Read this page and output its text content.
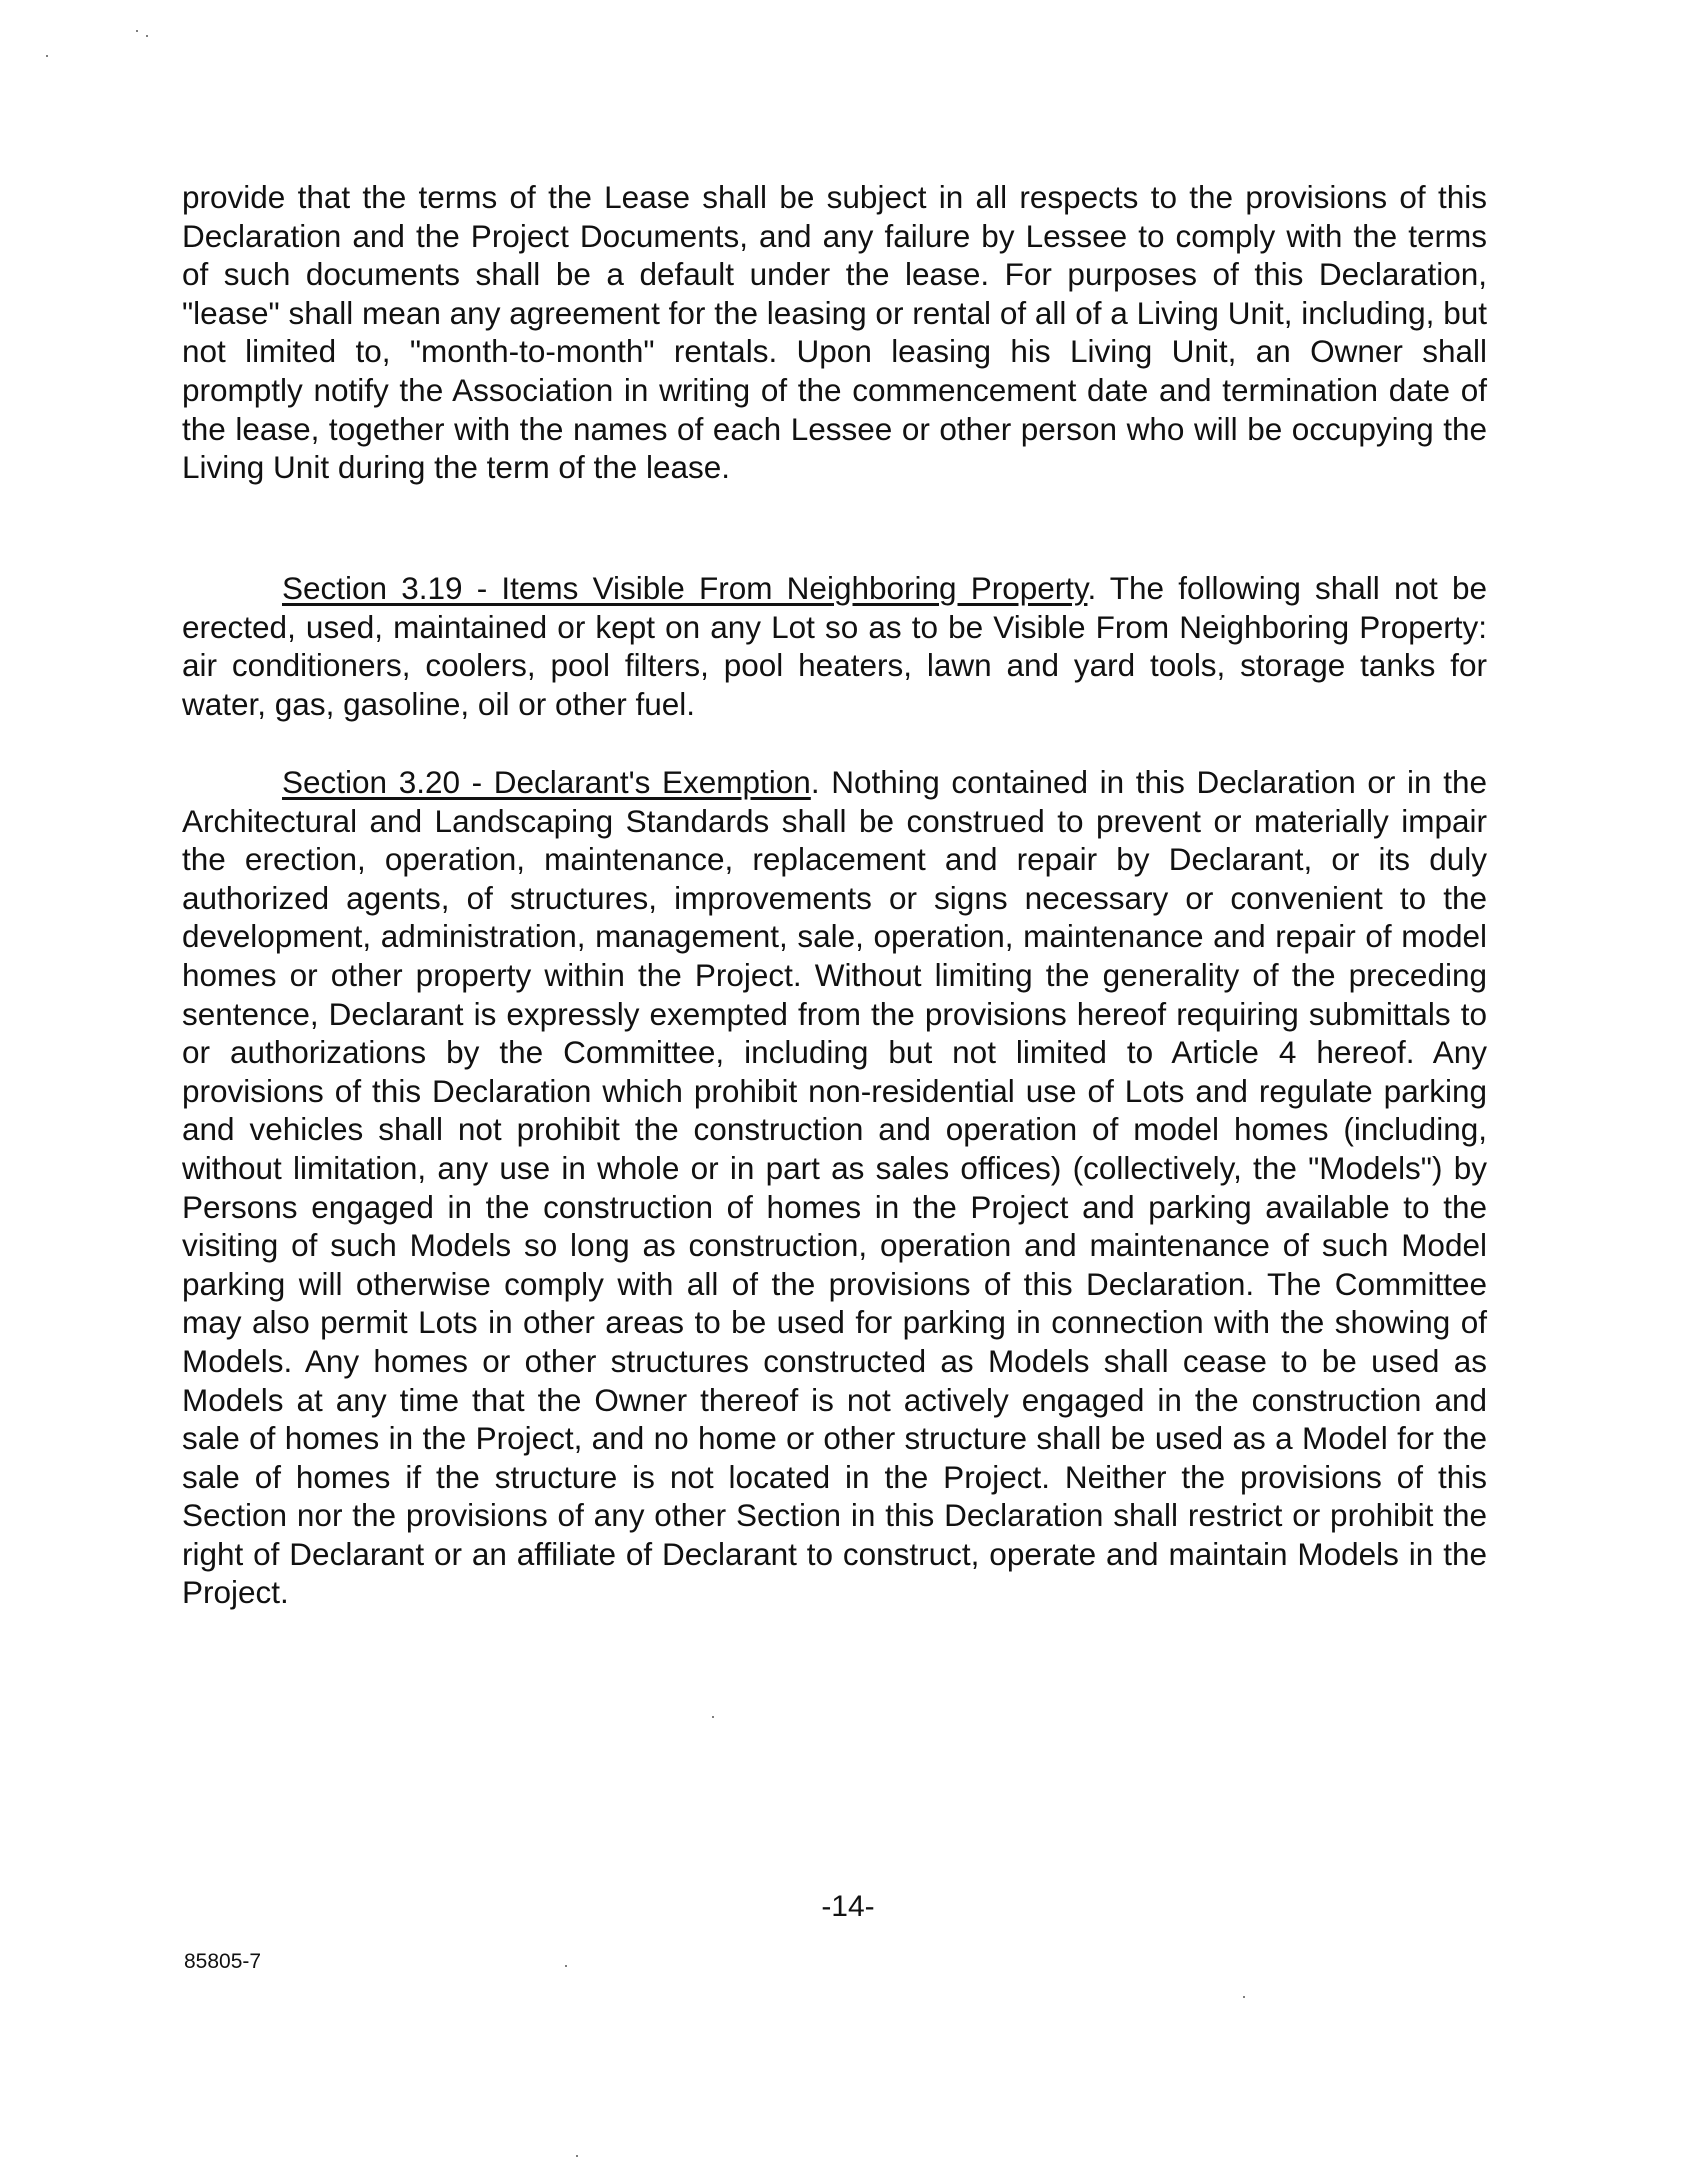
provide that the terms of the Lease shall be subject in all respects to the provisions of this Declaration and the Project Documents, and any failure by Lessee to comply with the terms of such documents shall be a default under the lease. For purposes of this Declaration, "lease" shall mean any agreement for the leasing or rental of all of a Living Unit, including, but not limited to, "month-to-month" rentals. Upon leasing his Living Unit, an Owner shall promptly notify the Association in writing of the commencement date and termination date of the lease, together with the names of each Lessee or other person who will be occupying the Living Unit during the term of the lease.

Section 3.19 - Items Visible From Neighboring Property. The following shall not be erected, used, maintained or kept on any Lot so as to be Visible From Neighboring Property: air conditioners, coolers, pool filters, pool heaters, lawn and yard tools, storage tanks for water, gas, gasoline, oil or other fuel.

Section 3.20 - Declarant's Exemption. Nothing contained in this Declaration or in the Architectural and Landscaping Standards shall be construed to prevent or materially impair the erection, operation, maintenance, replacement and repair by Declarant, or its duly authorized agents, of structures, improvements or signs necessary or convenient to the development, administration, management, sale, operation, maintenance and repair of model homes or other property within the Project. Without limiting the generality of the preceding sentence, Declarant is expressly exempted from the provisions hereof requiring submittals to or authorizations by the Committee, including but not limited to Article 4 hereof. Any provisions of this Declaration which prohibit non-residential use of Lots and regulate parking and vehicles shall not prohibit the construction and operation of model homes (including, without limitation, any use in whole or in part as sales offices) (collectively, the "Models") by Persons engaged in the construction of homes in the Project and parking available to the visiting of such Models so long as construction, operation and maintenance of such Model parking will otherwise comply with all of the provisions of this Declaration. The Committee may also permit Lots in other areas to be used for parking in connection with the showing of Models. Any homes or other structures constructed as Models shall cease to be used as Models at any time that the Owner thereof is not actively engaged in the construction and sale of homes in the Project, and no home or other structure shall be used as a Model for the sale of homes if the structure is not located in the Project. Neither the provisions of this Section nor the provisions of any other Section in this Declaration shall restrict or prohibit the right of Declarant or an affiliate of Declarant to construct, operate and maintain Models in the Project.

-14-

85805-7
